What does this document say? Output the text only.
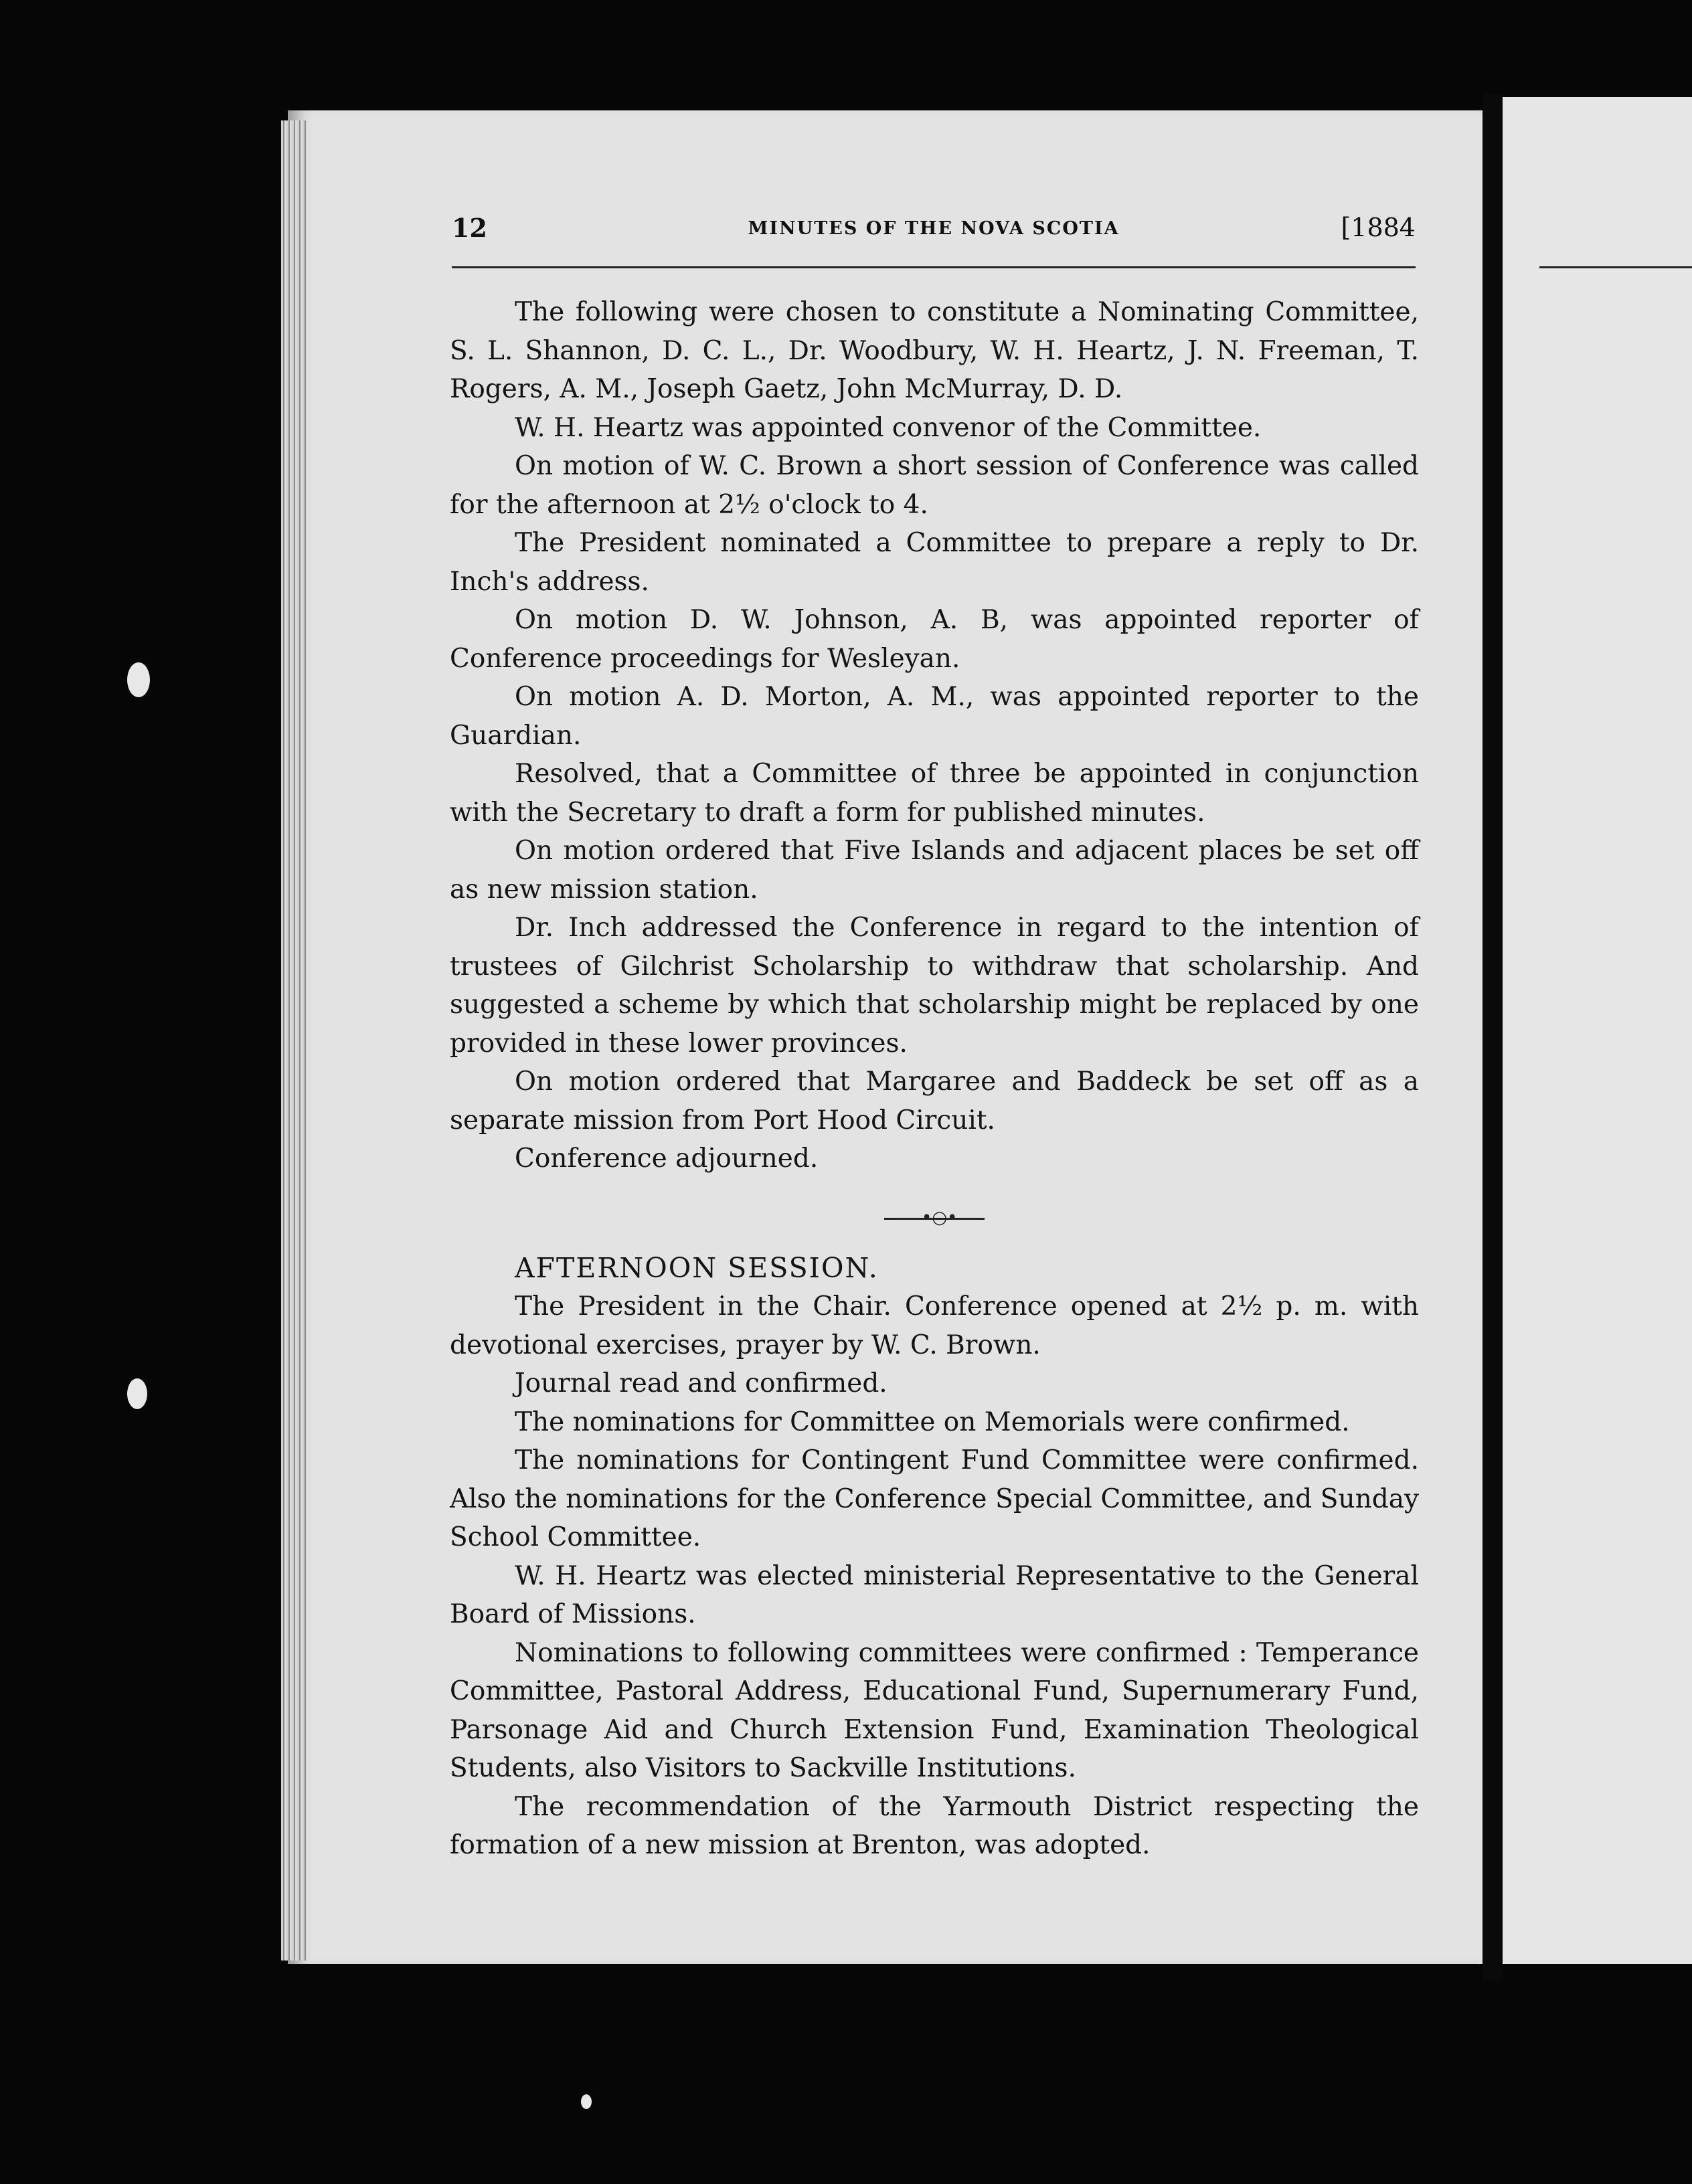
12	MINUTES OF THE NOVA SCOTIA	[1884

The following were chosen to constitute a Nominating Committee, S. L. Shannon, D. C. L., Dr. Woodbury, W. H. Heartz, J. N. Freeman, T. Rogers, A. M., Joseph Gaetz, John McMurray, D. D.

W. H. Heartz was appointed convenor of the Committee.

On motion of W. C. Brown a short session of Conference was called for the afternoon at 2½ o'clock to 4.

The President nominated a Committee to prepare a reply to Dr. Inch's address.

On motion D. W. Johnson, A. B, was appointed reporter of Conference proceedings for Wesleyan.

On motion A. D. Morton, A. M., was appointed reporter to the Guardian.

Resolved, that a Committee of three be appointed in conjunction with the Secretary to draft a form for published minutes.

On motion ordered that Five Islands and adjacent places be set off as new mission station.

Dr. Inch addressed the Conference in regard to the intention of trustees of Gilchrist Scholarship to withdraw that scholarship. And suggested a scheme by which that scholarship might be replaced by one provided in these lower provinces.

On motion ordered that Margaree and Baddeck be set off as a separate mission from Port Hood Circuit.

Conference adjourned.

•○•

AFTERNOON SESSION.

The President in the Chair. Conference opened at 2½ p. m. with devotional exercises, prayer by W. C. Brown.

Journal read and confirmed.

The nominations for Committee on Memorials were confirmed.

The nominations for Contingent Fund Committee were confirmed. Also the nominations for the Conference Special Committee, and Sunday School Committee.

W. H. Heartz was elected ministerial Representative to the General Board of Missions.

Nominations to following committees were confirmed : Temperance Committee, Pastoral Address, Educational Fund, Supernumerary Fund, Parsonage Aid and Church Extension Fund, Examination Theological Students, also Visitors to Sackville Institutions.

The recommendation of the Yarmouth District respecting the formation of a new mission at Brenton, was adopted.
